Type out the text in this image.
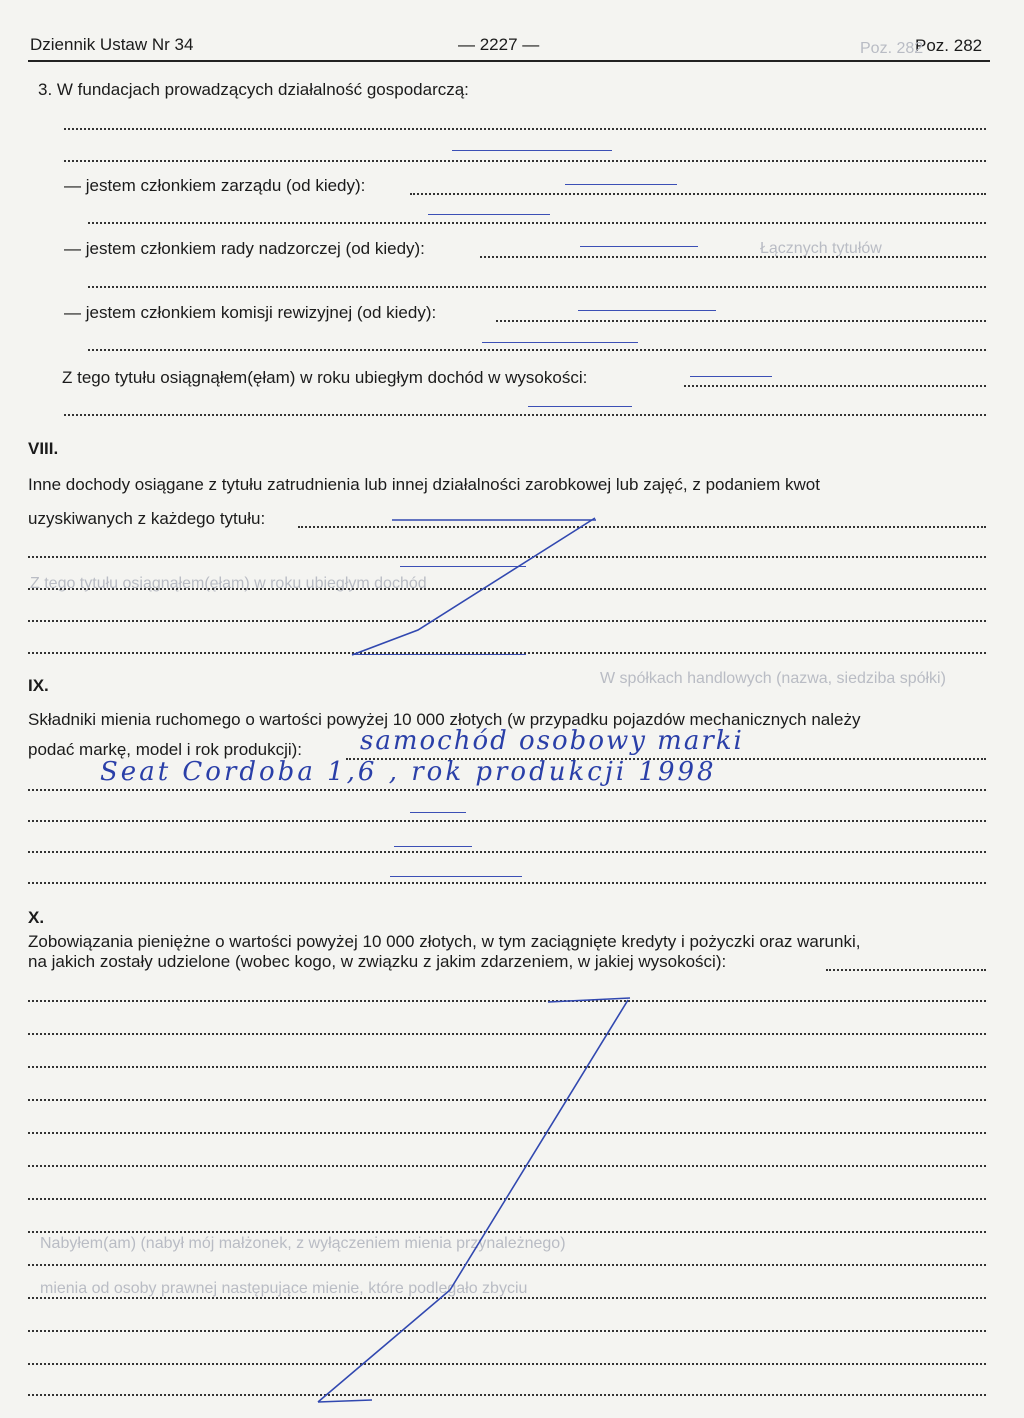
Dziennik Ustaw Nr 34	— 2227 —	Poz. 282
Poz. 282
Łącznych tytułów
Z tego tytułu osiągnąłem(ęłam) w roku ubiegłym dochód
W spółkach handlowych (nazwa, siedziba spółki)
Nabyłem(am) (nabył mój małżonek, z wyłączeniem mienia przynależnego)
mienia od osoby prawnej następujące mienie, które podlegało zbyciu
3. W fundacjach prowadzących działalność gospodarczą:
— jestem członkiem zarządu (od kiedy):
— jestem członkiem rady nadzorczej (od kiedy):
— jestem członkiem komisji rewizyjnej (od kiedy):
Z tego tytułu osiągnąłem(ęłam) w roku ubiegłym dochód w wysokości:
VIII.
Inne dochody osiągane z tytułu zatrudnienia lub innej działalności zarobkowej lub zajęć, z podaniem kwot
uzyskiwanych z każdego tytułu:
IX.
Składniki mienia ruchomego o wartości powyżej 10 000 złotych (w przypadku pojazdów mechanicznych należy
podać markę, model i rok produkcji): samochód osobowy marki
Seat Cordoba 1,6 , rok produkcji 1998
X.
Zobowiązania pieniężne o wartości powyżej 10 000 złotych, w tym zaciągnięte kredyty i pożyczki oraz warunki,
na jakich zostały udzielone (wobec kogo, w związku z jakim zdarzeniem, w jakiej wysokości):
